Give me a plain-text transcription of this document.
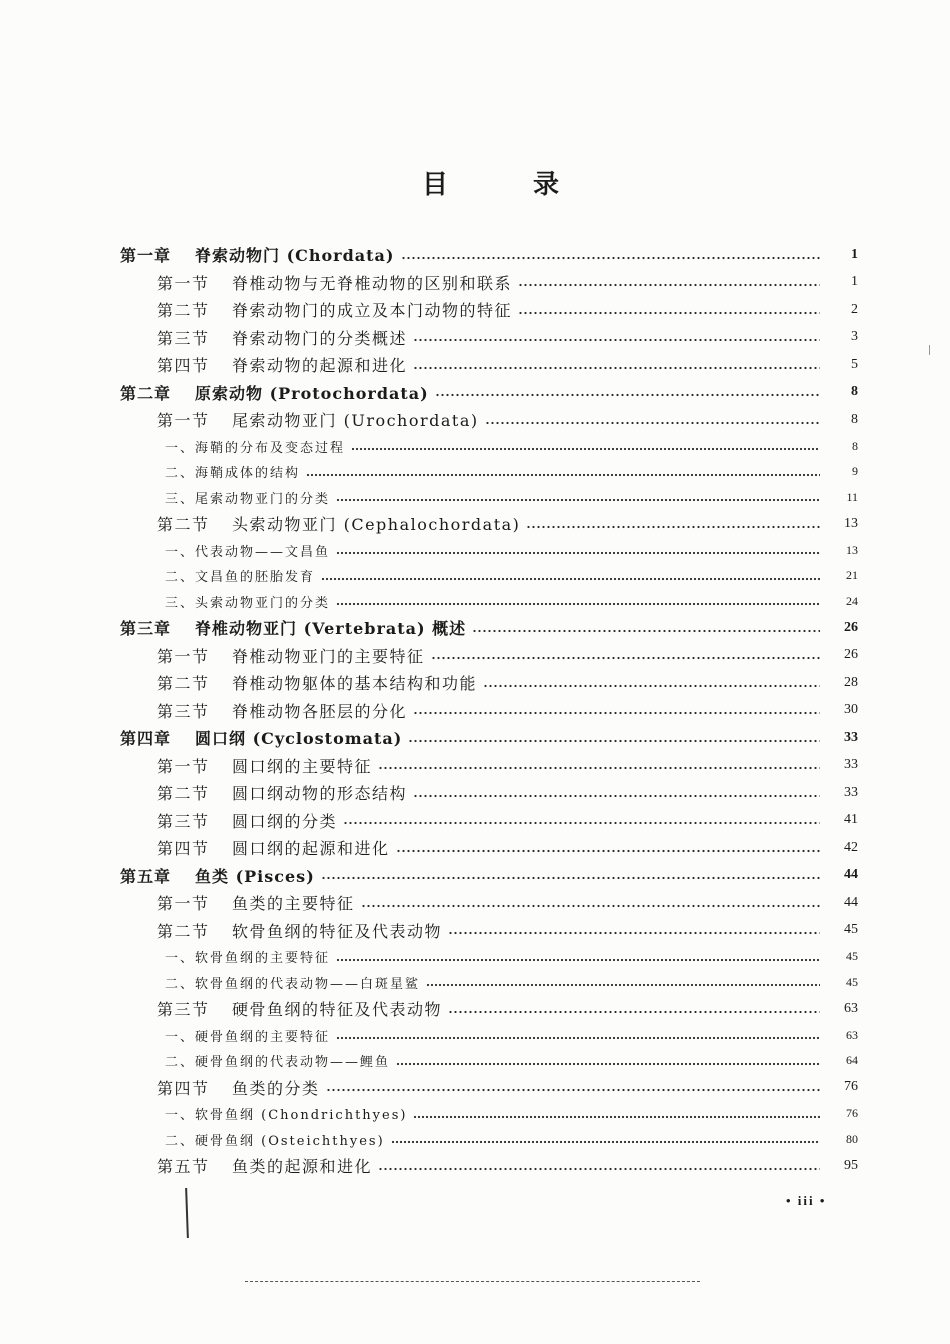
目	录
第一章	脊索动物门 (Chordata)	1
第一节	脊椎动物与无脊椎动物的区别和联系	1
第二节	脊索动物门的成立及本门动物的特征	2
第三节	脊索动物门的分类概述	3
第四节	脊索动物的起源和进化	5
第二章	原索动物 (Protochordata)	8
第一节	尾索动物亚门 (Urochordata)	8
一、 海鞘的分布及变态过程	8
二、 海鞘成体的结构	9
三、 尾索动物亚门的分类	11
第二节	头索动物亚门 (Cephalochordata)	13
一、 代表动物——文昌鱼	13
二、 文昌鱼的胚胎发育	21
三、 头索动物亚门的分类	24
第三章	脊椎动物亚门 (Vertebrata) 概述	26
第一节	脊椎动物亚门的主要特征	26
第二节	脊椎动物躯体的基本结构和功能	28
第三节	脊椎动物各胚层的分化	30
第四章	圆口纲 (Cyclostomata)	33
第一节	圆口纲的主要特征	33
第二节	圆口纲动物的形态结构	33
第三节	圆口纲的分类	41
第四节	圆口纲的起源和进化	42
第五章	鱼类 (Pisces)	44
第一节	鱼类的主要特征	44
第二节	软骨鱼纲的特征及代表动物	45
一、 软骨鱼纲的主要特征	45
二、 软骨鱼纲的代表动物——白斑星鲨	45
第三节	硬骨鱼纲的特征及代表动物	63
一、 硬骨鱼纲的主要特征	63
二、 硬骨鱼纲的代表动物——鲤鱼	64
第四节	鱼类的分类	76
一、 软骨鱼纲 (Chondrichthyes)	76
二、 硬骨鱼纲 (Osteichthyes)	80
第五节	鱼类的起源和进化	95
• iii •
